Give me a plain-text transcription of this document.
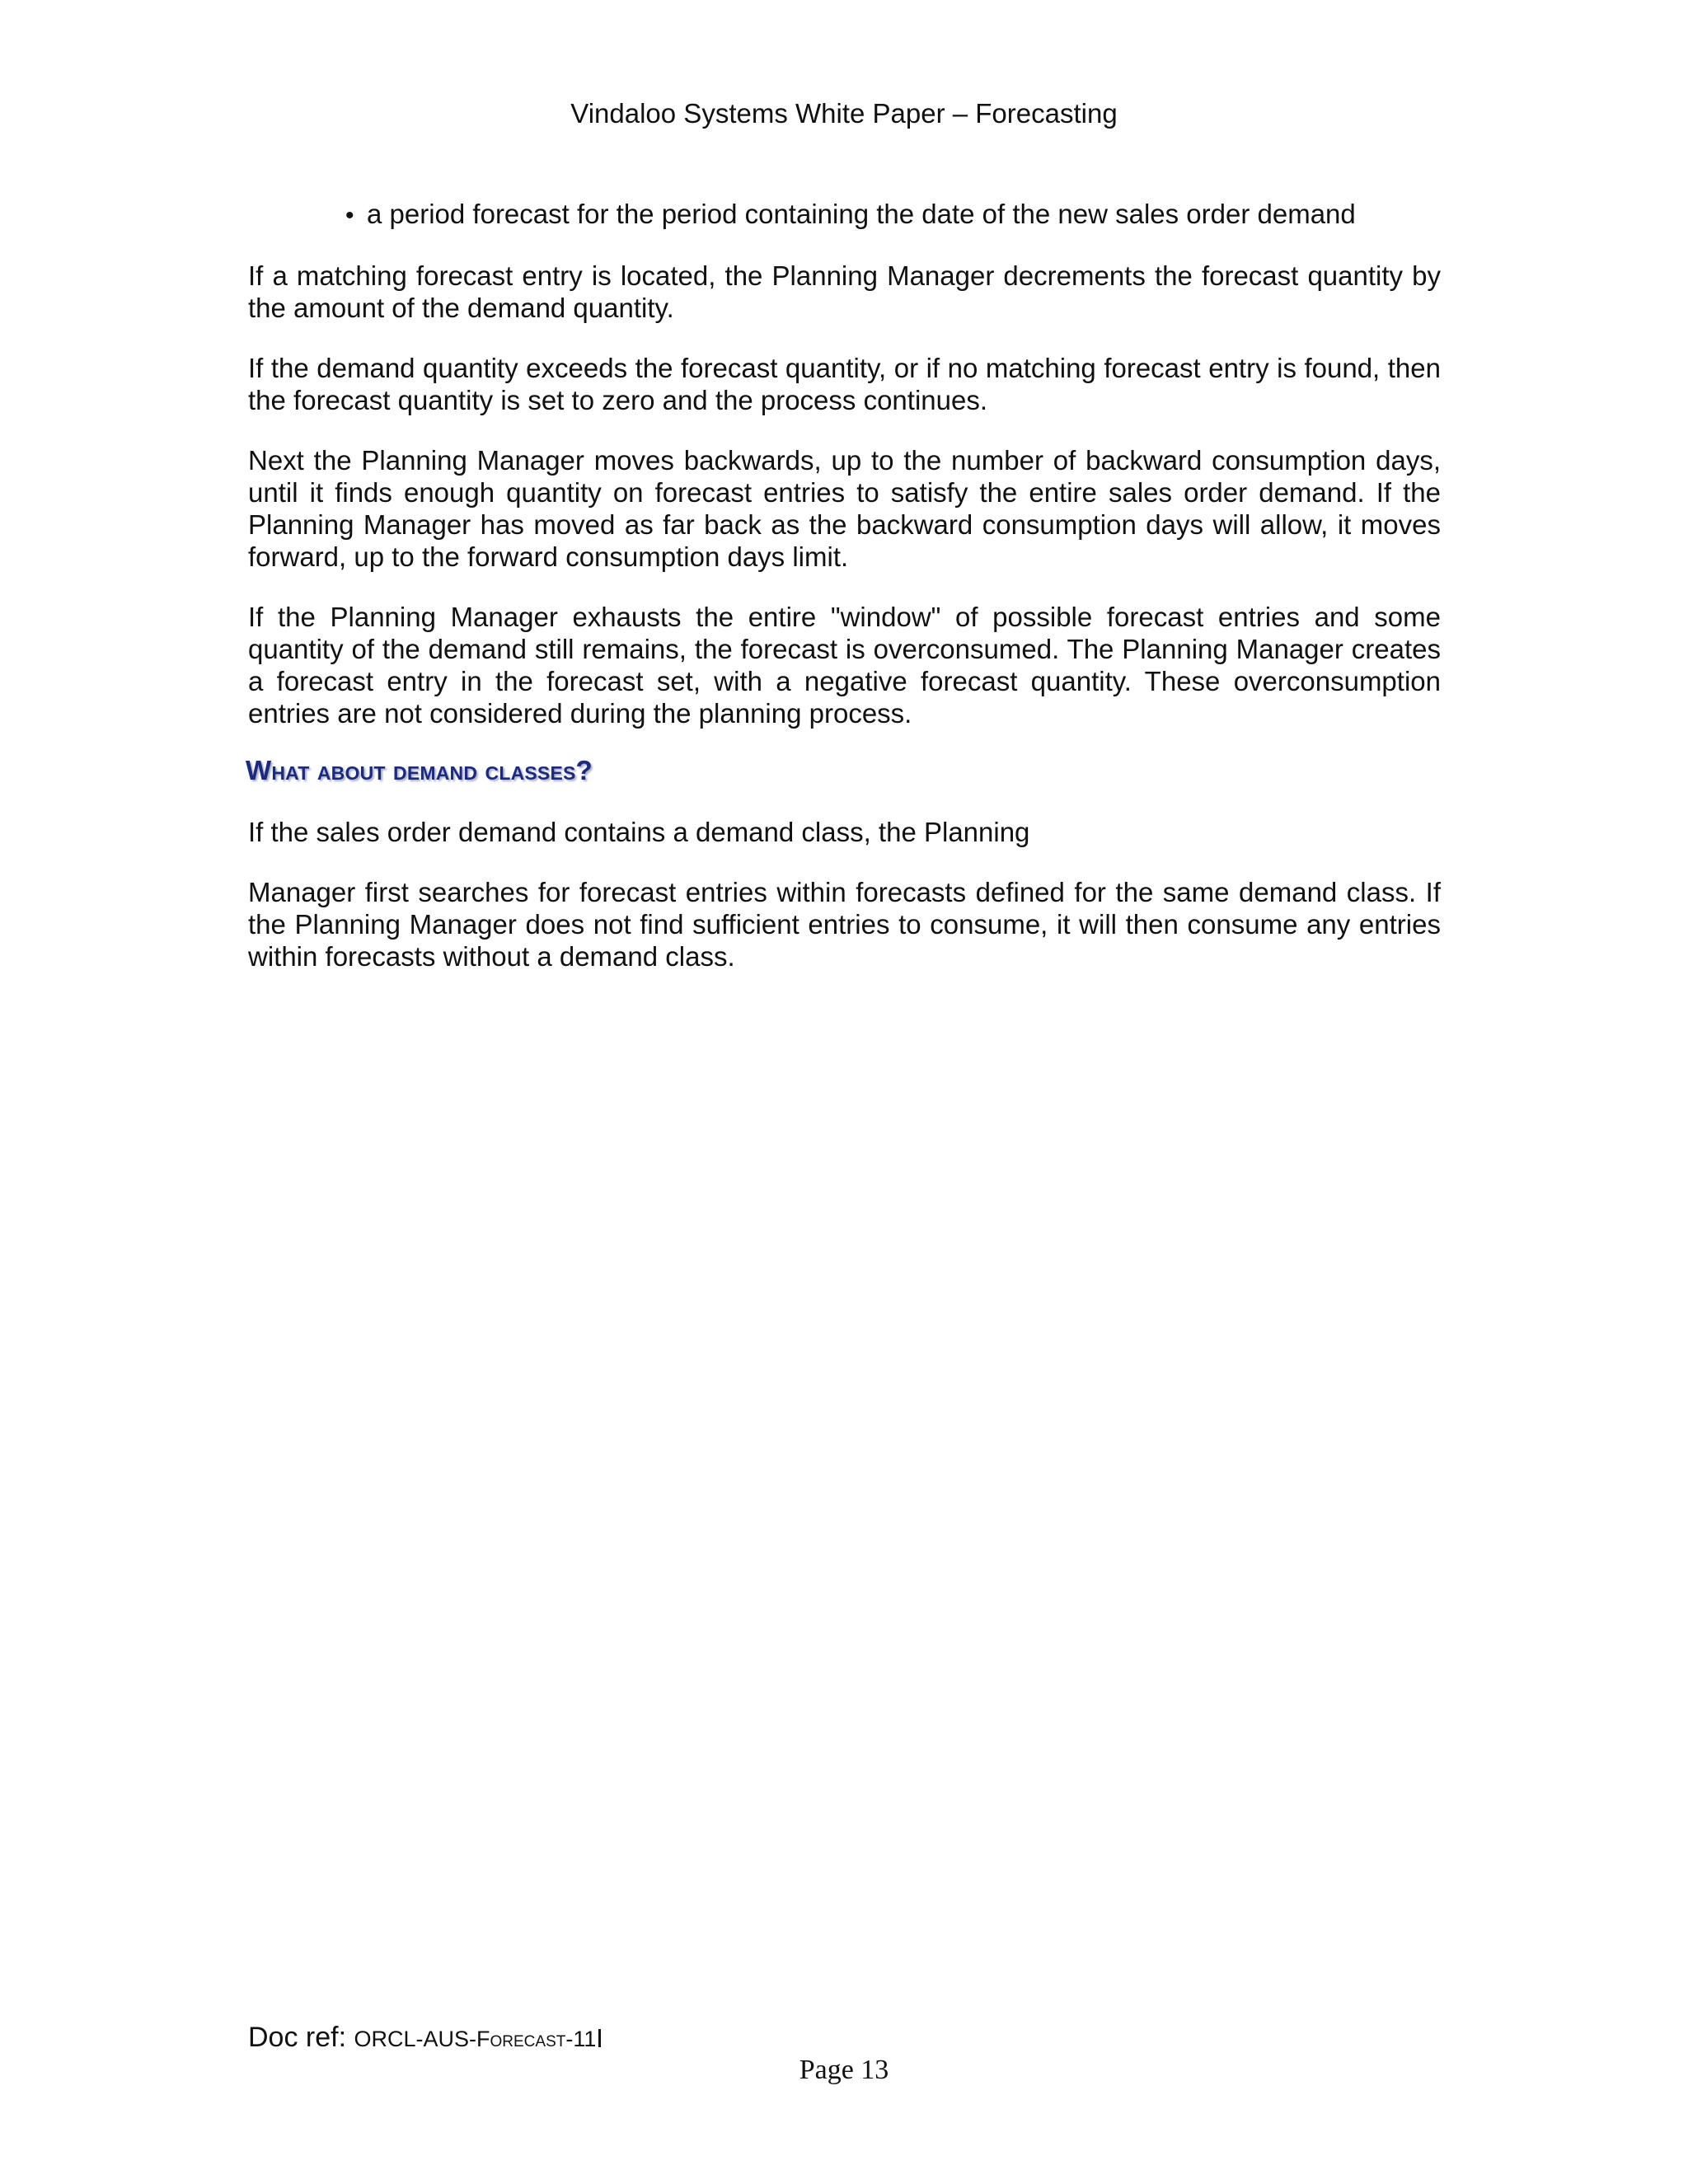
Vindaloo Systems White Paper – Forecasting
• a period forecast for the period containing the date of the new sales order demand

If a matching forecast entry is located, the Planning Manager decrements the forecast quantity by the amount of the demand quantity.

If the demand quantity exceeds the forecast quantity, or if no matching forecast entry is found, then the forecast quantity is set to zero and the process continues.

Next the Planning Manager moves backwards, up to the number of backward consumption days, until it finds enough quantity on forecast entries to satisfy the entire sales order demand. If the Planning Manager has moved as far back as the backward consumption days will allow, it moves forward, up to the forward consumption days limit.

If the Planning Manager exhausts the entire "window" of possible forecast entries and some quantity of the demand still remains, the forecast is overconsumed. The Planning Manager creates a forecast entry in the forecast set, with a negative forecast quantity. These overconsumption entries are not considered during the planning process.

What about demand classes?

If the sales order demand contains a demand class, the Planning

Manager first searches for forecast entries within forecasts defined for the same demand class. If the Planning Manager does not find sufficient entries to consume, it will then consume any entries within forecasts without a demand class.

Doc ref: ORCL-AUS-Forecast-11
Page 13
